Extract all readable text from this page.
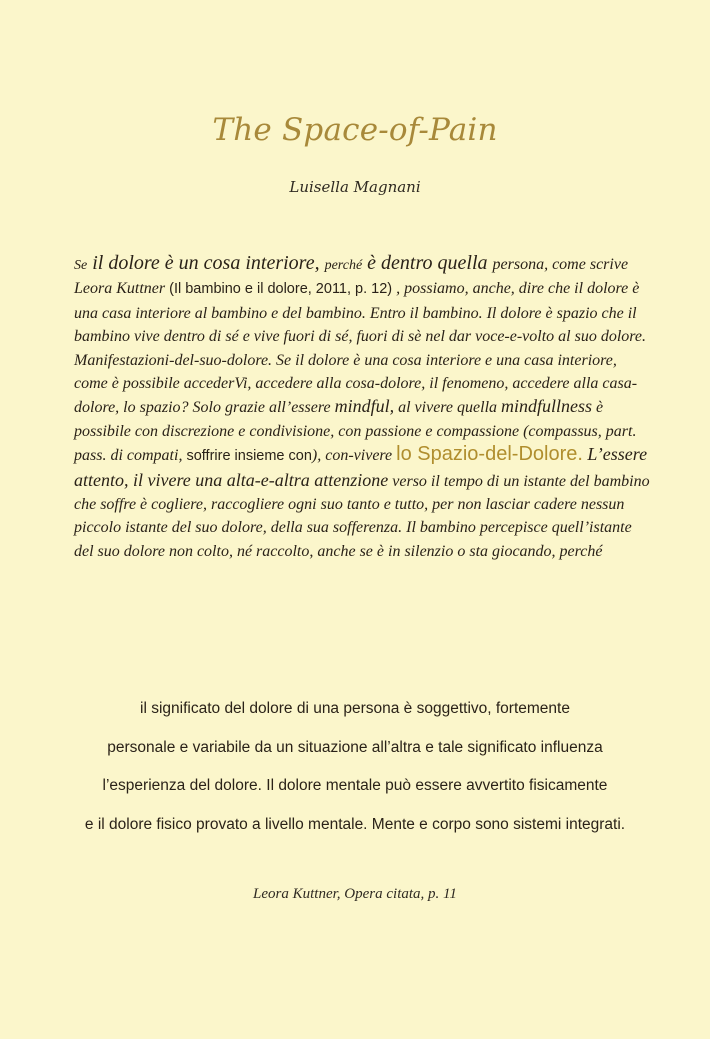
The Space-of-Pain
Luisella Magnani
Se il dolore è un cosa interiore, perché è dentro quella persona, come scrive Leora Kuttner (Il bambino e il dolore, 2011, p. 12) , possiamo, anche, dire che il dolore è una casa interiore al bambino e del bambino. Entro il bambino. Il dolore è spazio che il bambino vive dentro di sé e vive fuori di sé, fuori di sè nel dar voce-e-volto al suo dolore. Manifestazioni-del-suo-dolore. Se il dolore è una cosa interiore e una casa interiore, come è possibile accederVi, accedere alla cosa-dolore, il fenomeno, accedere alla casa-dolore, lo spazio? Solo grazie all’essere mindful, al vivere quella mindfullness è possibile con discrezione e condivisione, con passione e compassione (compassus, part. pass. di compati, soffrire insieme con), con-vivere lo Spazio-del-Dolore. L’essere attento, il vivere una alta-e-altra attenzione verso il tempo di un istante del bambino che soffre è cogliere, raccogliere ogni suo tanto e tutto, per non lasciar cadere nessun piccolo istante del suo dolore, della sua sofferenza. Il bambino percepisce quell’istante del suo dolore non colto, né raccolto, anche se è in silenzio o sta giocando, perché
il significato del dolore di una persona è soggettivo, fortemente
personale e variabile da un situazione all’altra e tale significato influenza
l’esperienza del dolore. Il dolore mentale può essere avvertito fisicamente
e il dolore fisico provato a livello mentale. Mente e corpo sono sistemi integrati.
Leora Kuttner, Opera citata, p. 11
